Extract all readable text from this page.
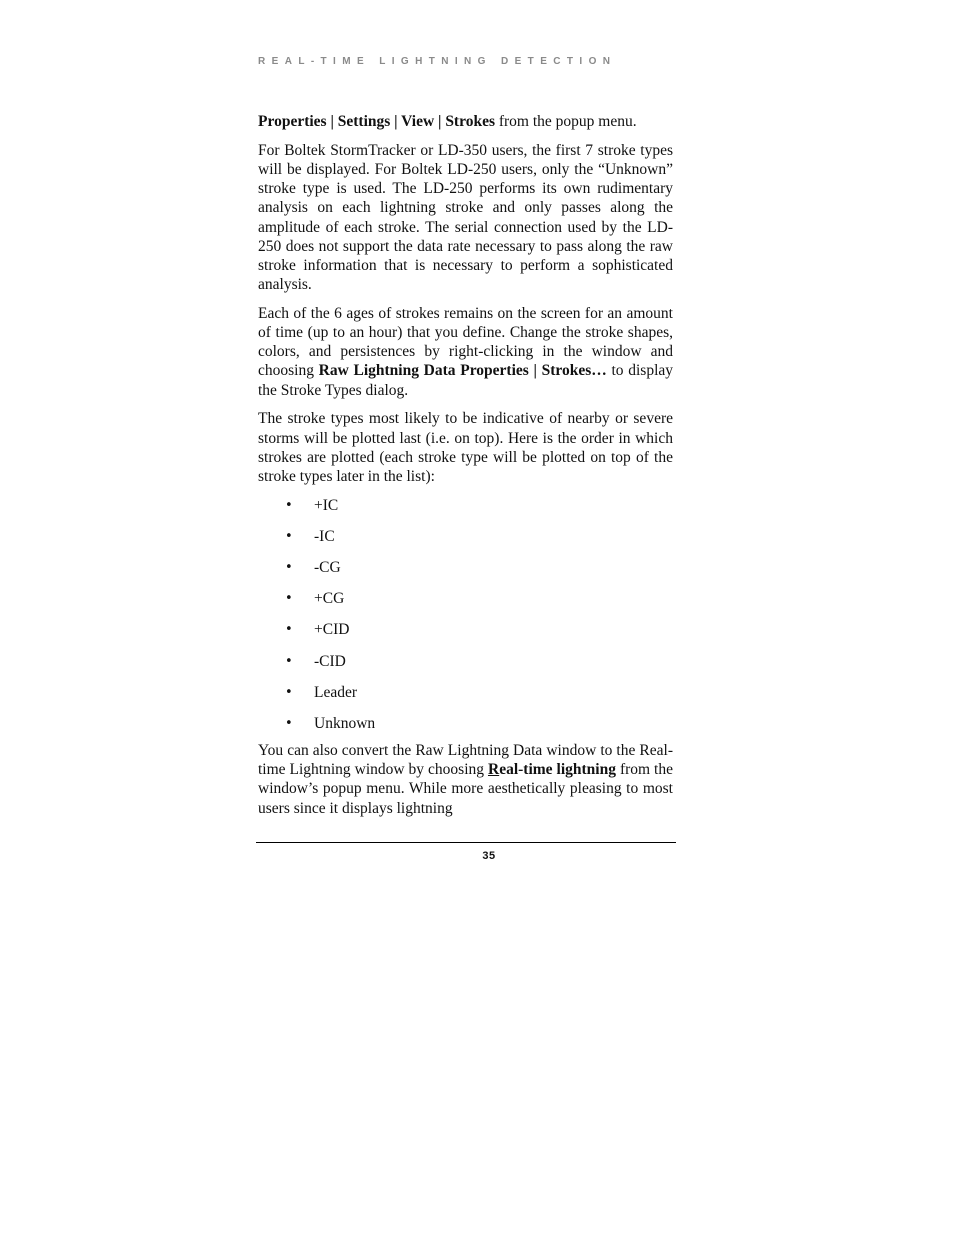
REAL-TIME LIGHTNING DETECTION

Properties | Settings | View | Strokes from the popup menu.

For Boltek StormTracker or LD-350 users, the first 7 stroke types will be displayed. For Boltek LD-250 users, only the “Unknown” stroke type is used. The LD-250 performs its own rudimentary analysis on each lightning stroke and only passes along the amplitude of each stroke. The serial connection used by the LD-250 does not support the data rate necessary to pass along the raw stroke information that is necessary to perform a sophisticated analysis.

Each of the 6 ages of strokes remains on the screen for an amount of time (up to an hour) that you define. Change the stroke shapes, colors, and persistences by right-clicking in the window and choosing Raw Lightning Data Properties | Strokes… to display the Stroke Types dialog.

The stroke types most likely to be indicative of nearby or severe storms will be plotted last (i.e. on top). Here is the order in which strokes are plotted (each stroke type will be plotted on top of the stroke types later in the list):

• +IC
• -IC
• -CG
• +CG
• +CID
• -CID
• Leader
• Unknown

You can also convert the Raw Lightning Data window to the Real-time Lightning window by choosing Real-time lightning from the window’s popup menu. While more aesthetically pleasing to most users since it displays lightning

35
